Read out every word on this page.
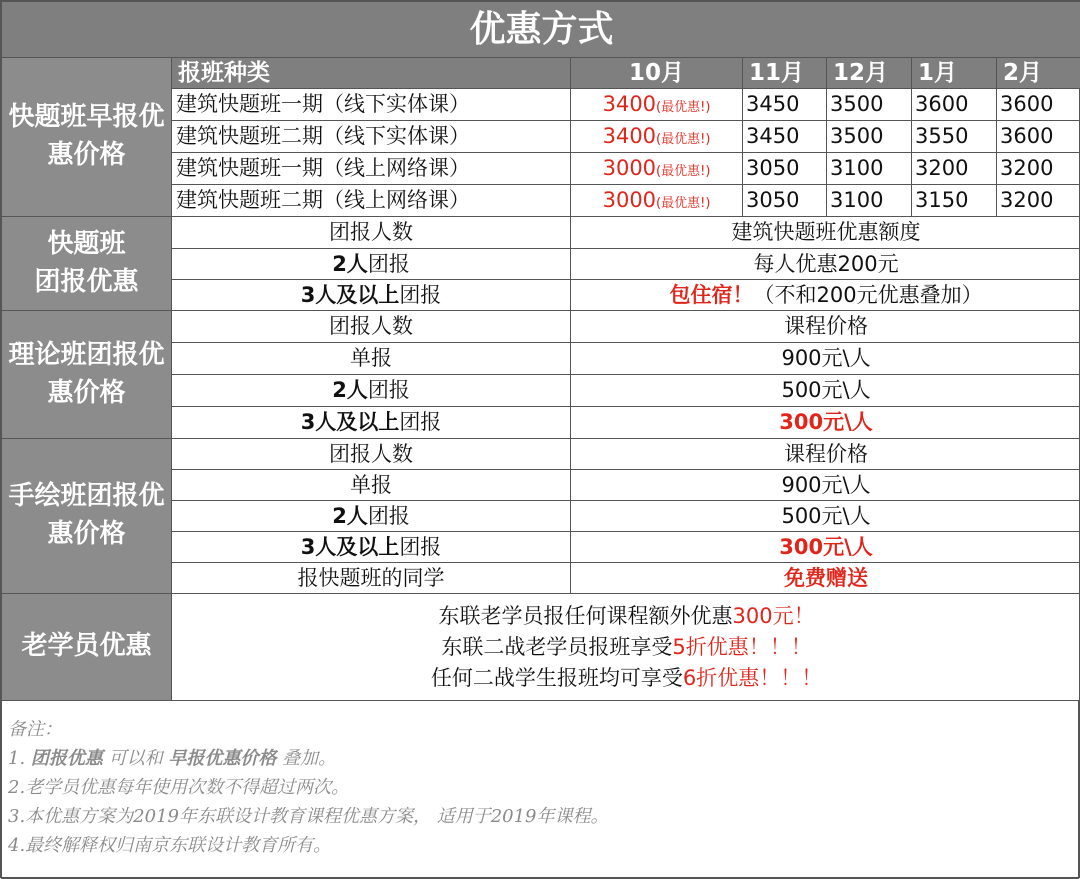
优惠方式						
快题班早报优惠价格	报班种类	10月	11月	12月	1月	2月
	建筑快题班一期（线下实体课）	3400(最优惠!)	3450	3500	3600	3600
	建筑快题班二期（线下实体课）	3400(最优惠!)	3450	3500	3550	3600
	建筑快题班一期（线上网络课）	3000(最优惠!)	3050	3100	3200	3200
	建筑快题班二期（线上网络课）	3000(最优惠!)	3050	3100	3150	3200

快题班
团报优惠	团报人数	建筑快题班优惠额度				
	2人团报	每人优惠200元				
	3人及以上团报	包住宿！（不和200元优惠叠加）				
理论班团报优惠价格	团报人数	课程价格				
	单报	900元\人				
	2人团报	500元\人				
	3人及以上团报	300元\人				
手绘班团报优惠价格	团报人数	课程价格				
	单报	900元\人				
	2人团报	500元\人				
	3人及以上团报	300元\人				
	报快题班的同学	免费赠送				
老学员优惠	东联老学员报任何课程额外优惠300元！
东联二战老学员报班享受5折优惠！！！
任何二战学生报班均可享受6折优惠！！！					
备注：
1. 团报优惠 可以和 早报优惠价格 叠加。
2.老学员优惠每年使用次数不得超过两次。
3.本优惠方案为2019年东联设计教育课程优惠方案， 适用于2019年课程。
4.最终解释权归南京东联设计教育所有。
